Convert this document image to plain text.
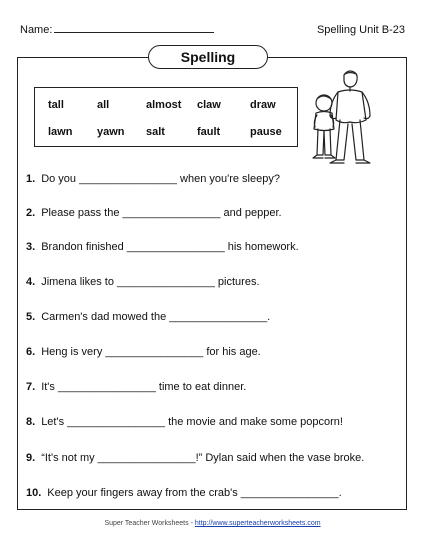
Name:	Spelling Unit B-23
Spelling
tall	all	almost claw	draw
lawn yawn salt	fault	pause
1. Do you ________________ when you're sleepy?
2. Please pass the ________________ and pepper.
3. Brandon finished ________________ his homework.
4. Jimena likes to ________________ pictures.
5. Carmen's dad mowed the ________________.
6. Heng is very ________________ for his age.
7. It's ________________ time to eat dinner.
8. Let's ________________ the movie and make some popcorn!
9. “It's not my ________________!” Dylan said when the vase broke.
10. Keep your fingers away from the crab's ________________.
Super Teacher Worksheets - http://www.superteacherworksheets.com
